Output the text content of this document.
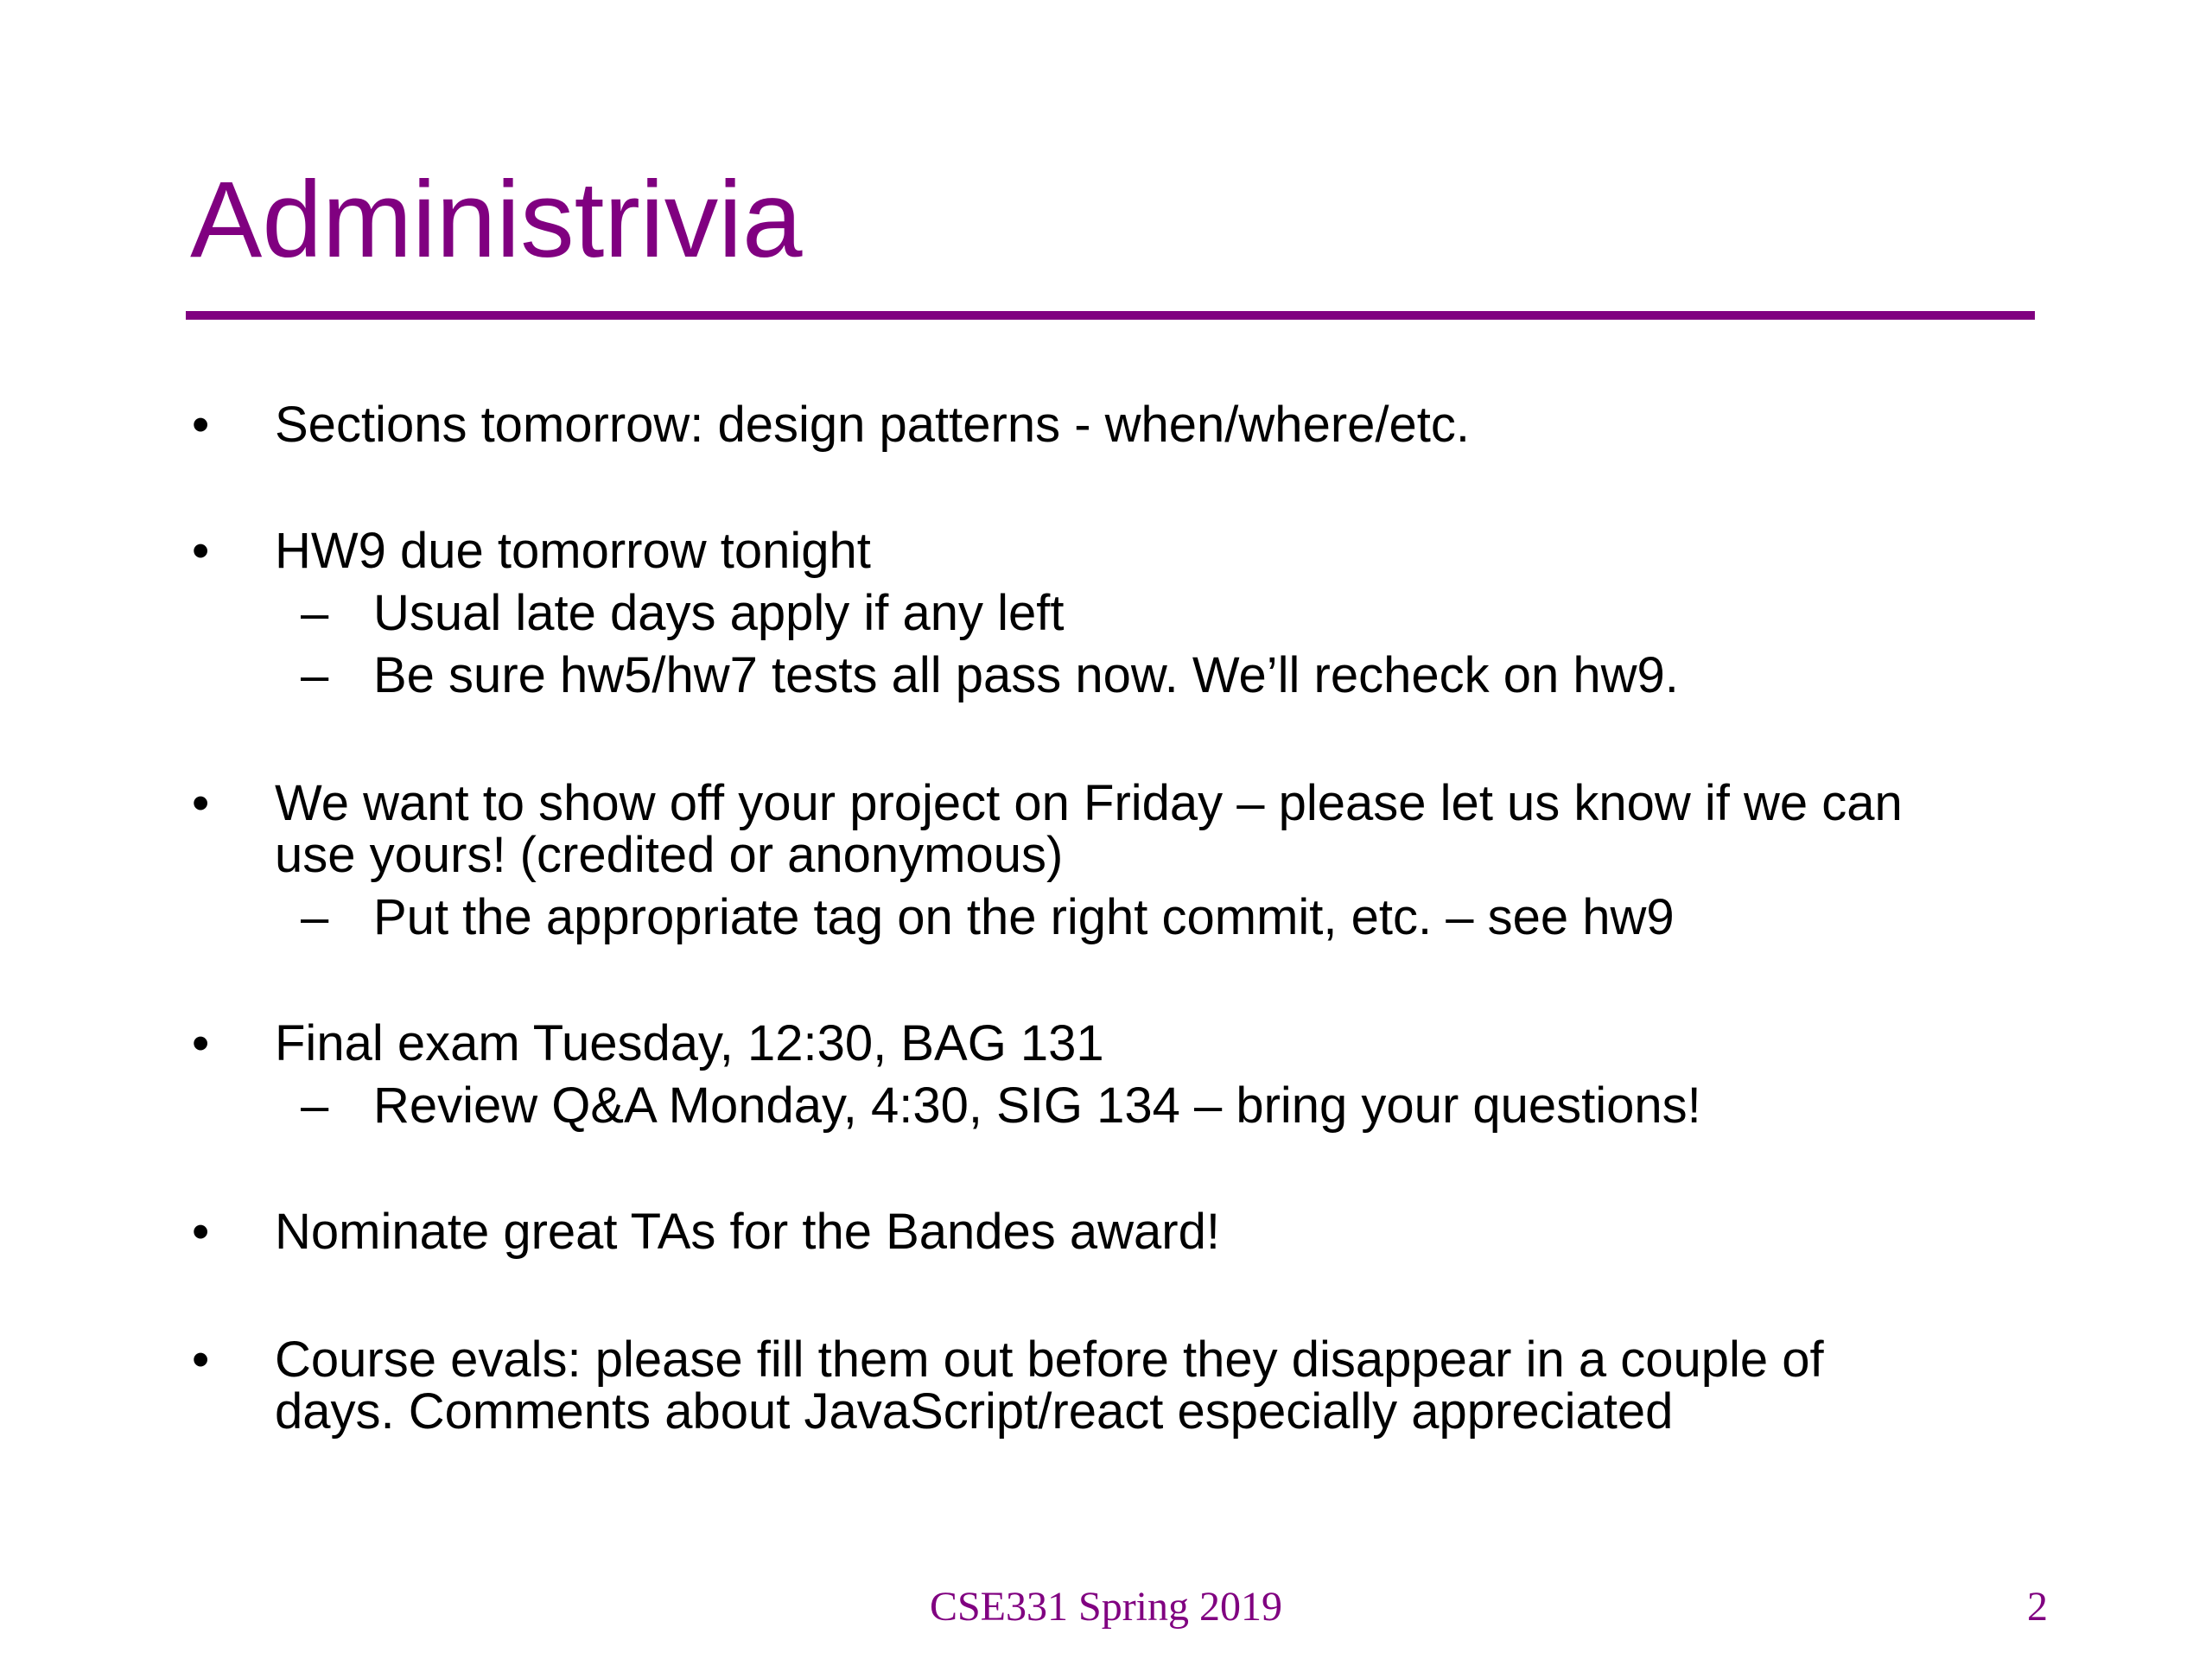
Administrivia
• Sections tomorrow: design patterns - when/where/etc.
• HW9 due tomorrow tonight
– Usual late days apply if any left
– Be sure hw5/hw7 tests all pass now. We’ll recheck on hw9.
• We want to show off your project on Friday – please let us know if we can
use yours! (credited or anonymous)
– Put the appropriate tag on the right commit, etc. – see hw9
• Final exam Tuesday, 12:30, BAG 131
– Review Q&A Monday, 4:30, SIG 134 – bring your questions!
• Nominate great TAs for the Bandes award!
• Course evals: please fill them out before they disappear in a couple of
days. Comments about JavaScript/react especially appreciated
CSE331 Spring 2019	2
